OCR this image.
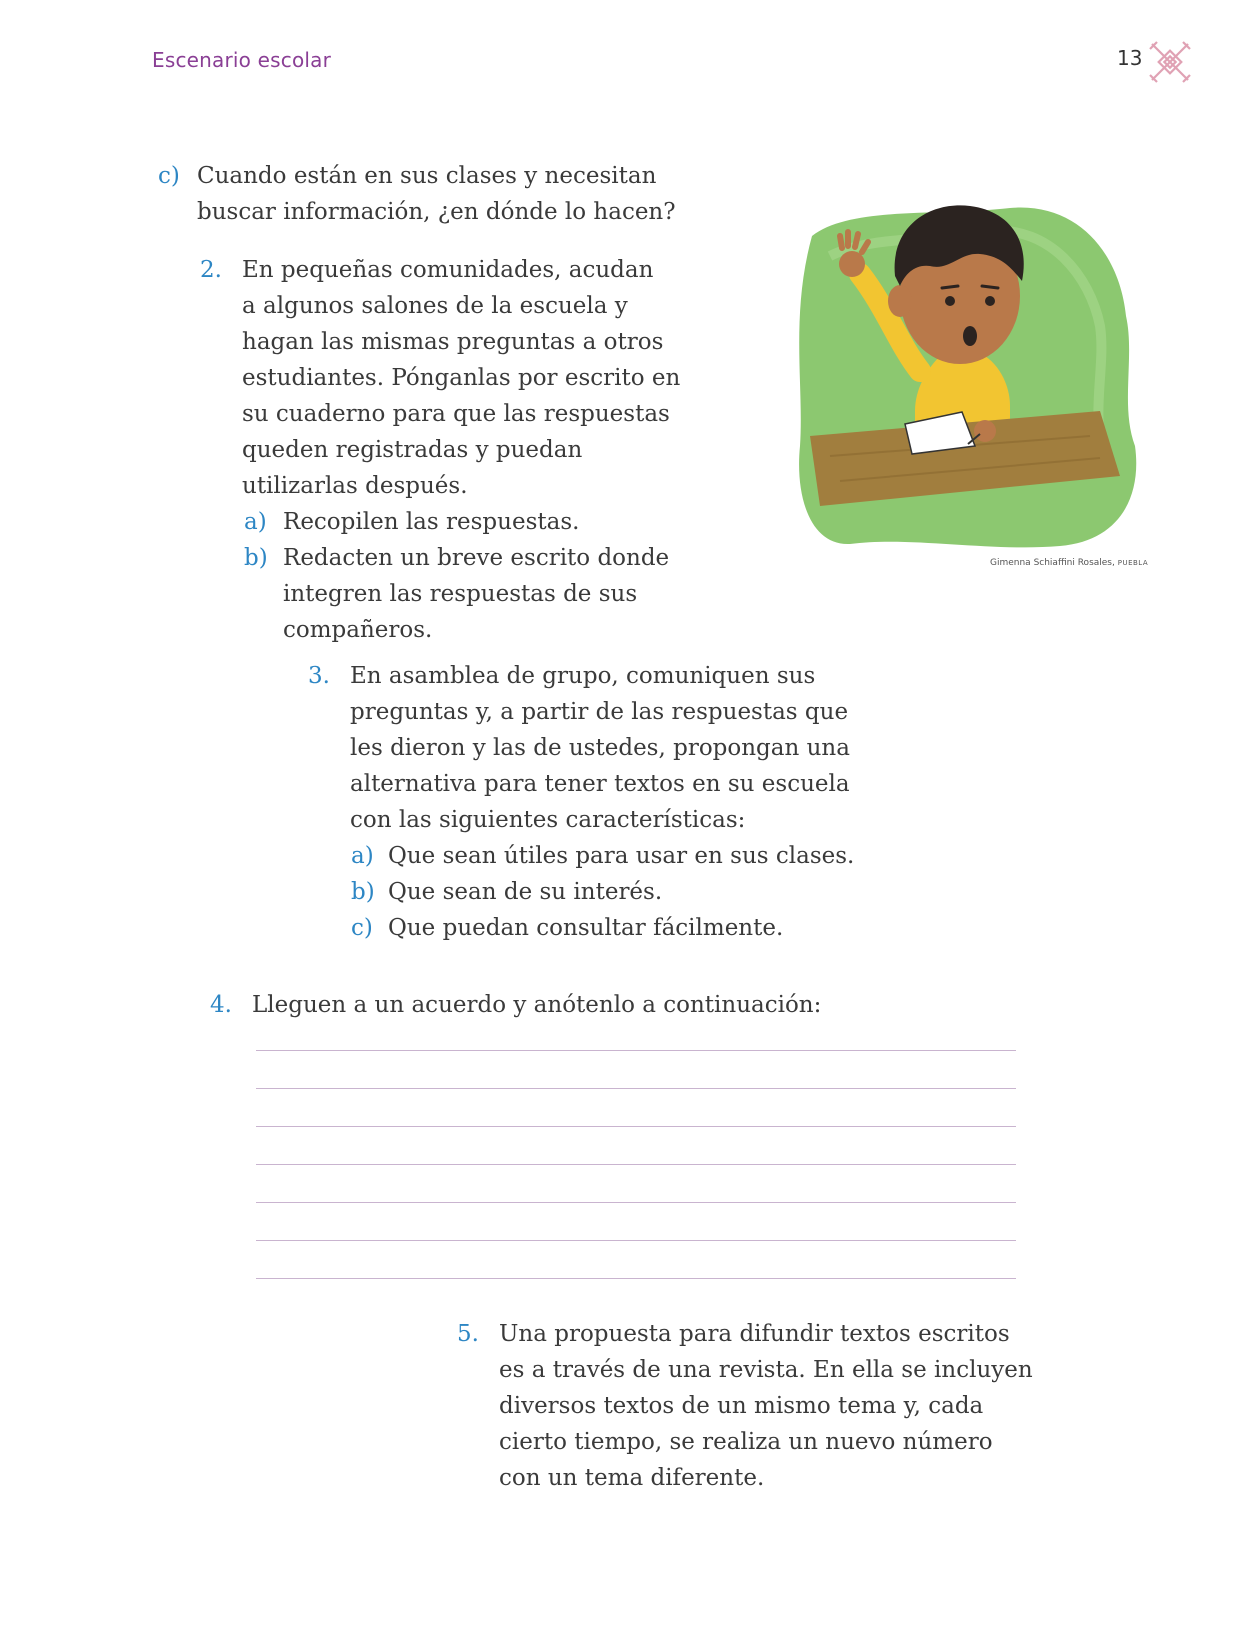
Escenario escolar	13
c) Cuando están en sus clases y necesitan
buscar información, ¿en dónde lo hacen?
2. En pequeñas comunidades, acudan
a algunos salones de la escuela y
hagan las mismas preguntas a otros
estudiantes. Pónganlas por escrito en
su cuaderno para que las respuestas
queden registradas y puedan
utilizarlas después.
a) Recopilen las respuestas.
b) Redacten un breve escrito donde
integren las respuestas de sus
compañeros.
Gimenna Schiaffini Rosales, PUEBLA
3. En asamblea de grupo, comuniquen sus
preguntas y, a partir de las respuestas que
les dieron y las de ustedes, propongan una
alternativa para tener textos en su escuela
con las siguientes características:
a) Que sean útiles para usar en sus clases.
b) Que sean de su interés.
c) Que puedan consultar fácilmente.
4. Lleguen a un acuerdo y anótenlo a continuación:
5. Una propuesta para difundir textos escritos
es a través de una revista. En ella se incluyen
diversos textos de un mismo tema y, cada
cierto tiempo, se realiza un nuevo número
con un tema diferente.
